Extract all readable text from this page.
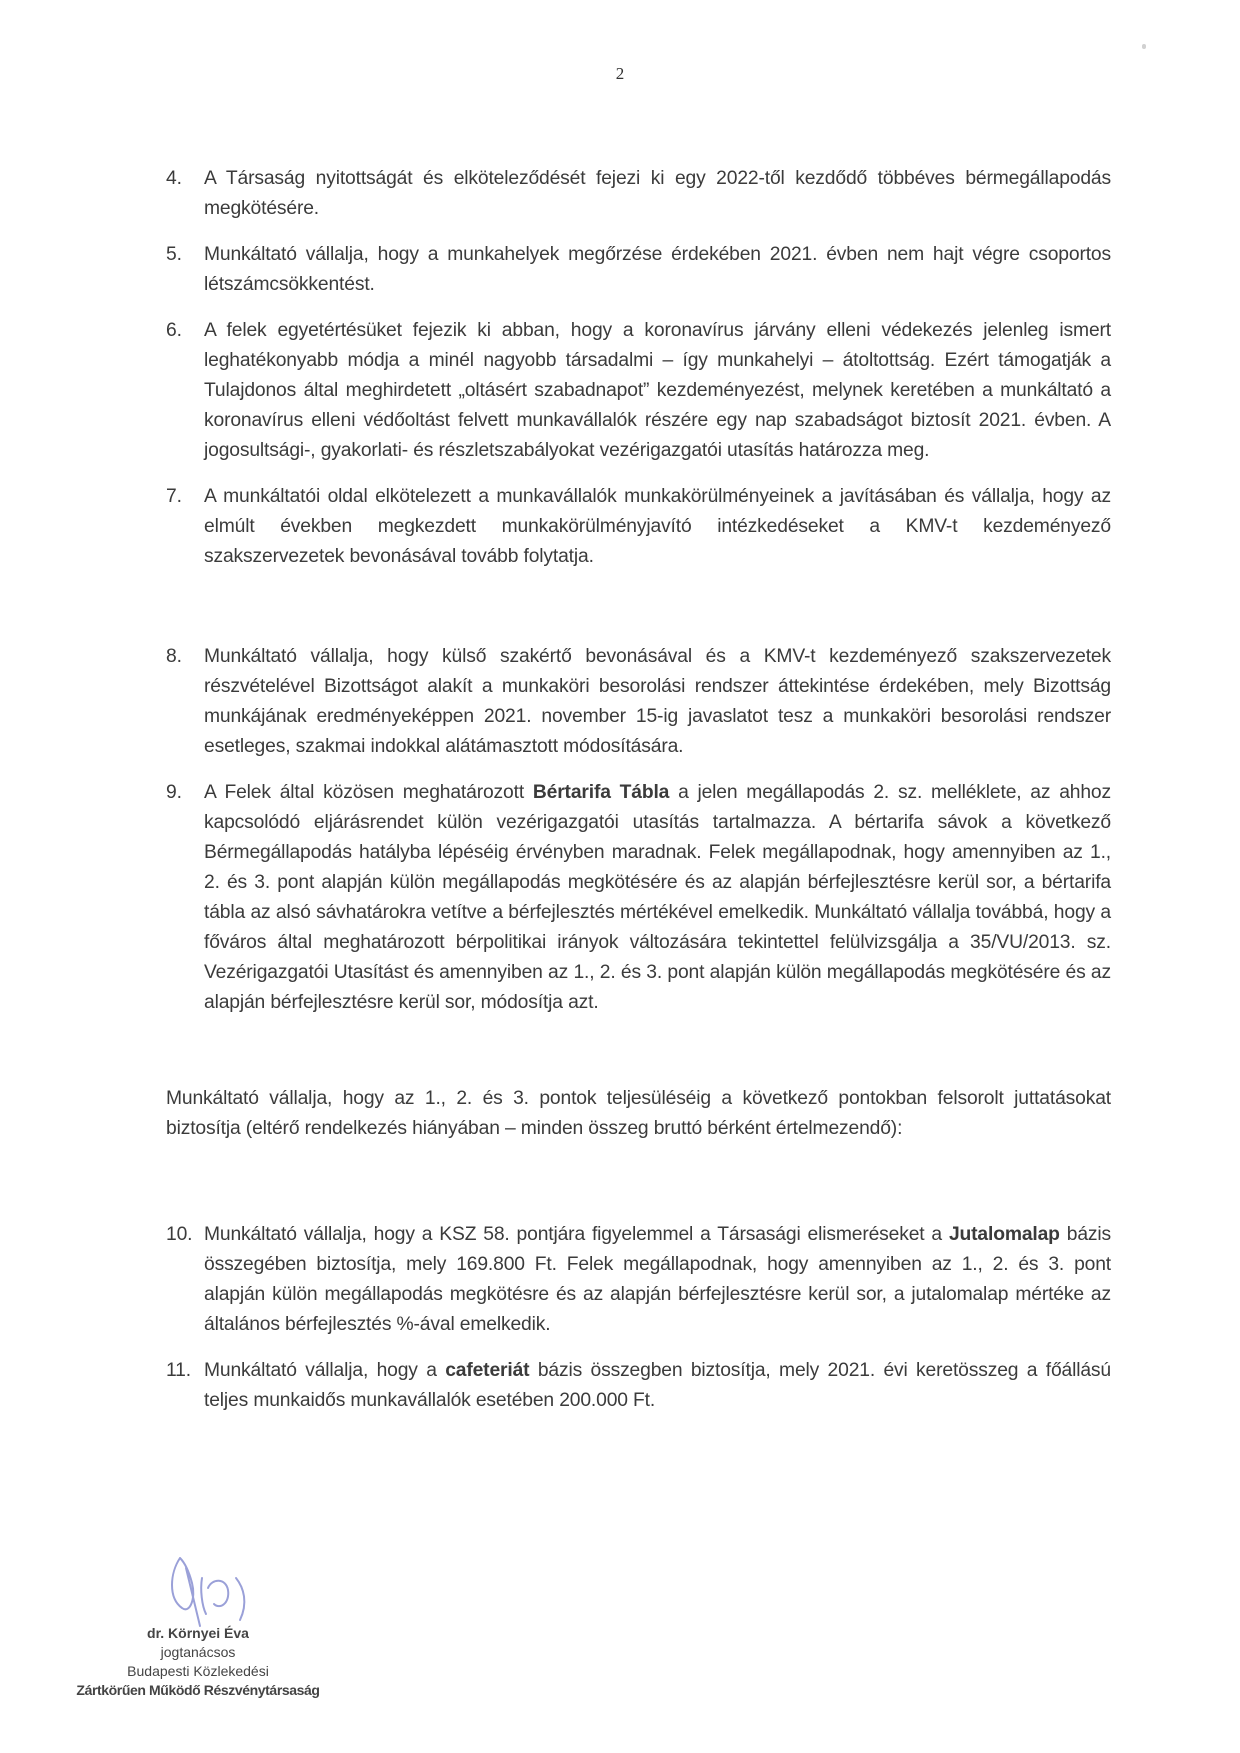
2
4. A Társaság nyitottságát és elköteleződését fejezi ki egy 2022-től kezdődő többéves bérmegállapodás megkötésére.

5. Munkáltató vállalja, hogy a munkahelyek megőrzése érdekében 2021. évben nem hajt végre csoportos létszámcsökkentést.

6. A felek egyetértésüket fejezik ki abban, hogy a koronavírus járvány elleni védekezés jelenleg ismert leghatékonyabb módja a minél nagyobb társadalmi – így munkahelyi – átoltottság. Ezért támogatják a Tulajdonos által meghirdetett „oltásért szabadnapot” kezdeményezést, melynek keretében a munkáltató a koronavírus elleni védőoltást felvett munkavállalók részére egy nap szabadságot biztosít 2021. évben. A jogosultsági-, gyakorlati- és részletszabályokat vezérigazgatói utasítás határozza meg.

7. A munkáltatói oldal elkötelezett a munkavállalók munkakörülményeinek a javításában és vállalja, hogy az elmúlt években megkezdett munkakörülményjavító intézkedéseket a KMV-t kezdeményező szakszervezetek bevonásával tovább folytatja.

8. Munkáltató vállalja, hogy külső szakértő bevonásával és a KMV-t kezdeményező szakszervezetek részvételével Bizottságot alakít a munkaköri besorolási rendszer áttekintése érdekében, mely Bizottság munkájának eredményeképpen 2021. november 15-ig javaslatot tesz a munkaköri besorolási rendszer esetleges, szakmai indokkal alátámasztott módosítására.

9. A Felek által közösen meghatározott Bértarifa Tábla a jelen megállapodás 2. sz. melléklete, az ahhoz kapcsolódó eljárásrendet külön vezérigazgatói utasítás tartalmazza. A bértarifa sávok a következő Bérmegállapodás hatályba lépéséig érvényben maradnak. Felek megállapodnak, hogy amennyiben az 1., 2. és 3. pont alapján külön megállapodás megkötésére és az alapján bérfejlesztésre kerül sor, a bértarifa tábla az alsó sávhatárokra vetítve a bérfejlesztés mértékével emelkedik. Munkáltató vállalja továbbá, hogy a főváros által meghatározott bérpolitikai irányok változására tekintettel felülvizsgálja a 35/VU/2013. sz. Vezérigazgatói Utasítást és amennyiben az 1., 2. és 3. pont alapján külön megállapodás megkötésére és az alapján bérfejlesztésre kerül sor, módosítja azt.

Munkáltató vállalja, hogy az 1., 2. és 3. pontok teljesüléséig a következő pontokban felsorolt juttatásokat biztosítja (eltérő rendelkezés hiányában – minden összeg bruttó bérként értelmezendő):

10. Munkáltató vállalja, hogy a KSZ 58. pontjára figyelemmel a Társasági elismeréseket a Jutalomalap bázis összegében biztosítja, mely 169.800 Ft. Felek megállapodnak, hogy amennyiben az 1., 2. és 3. pont alapján külön megállapodás megkötésre és az alapján bérfejlesztésre kerül sor, a jutalomalap mértéke az általános bérfejlesztés %-ával emelkedik.

11. Munkáltató vállalja, hogy a cafeteriát bázis összegben biztosítja, mely 2021. évi keretösszeg a főállású teljes munkaidős munkavállalók esetében 200.000 Ft.

dr. Környei Éva
jogtanácsos
Budapesti Közlekedési
Zártkörűen Működő Részvénytársaság
